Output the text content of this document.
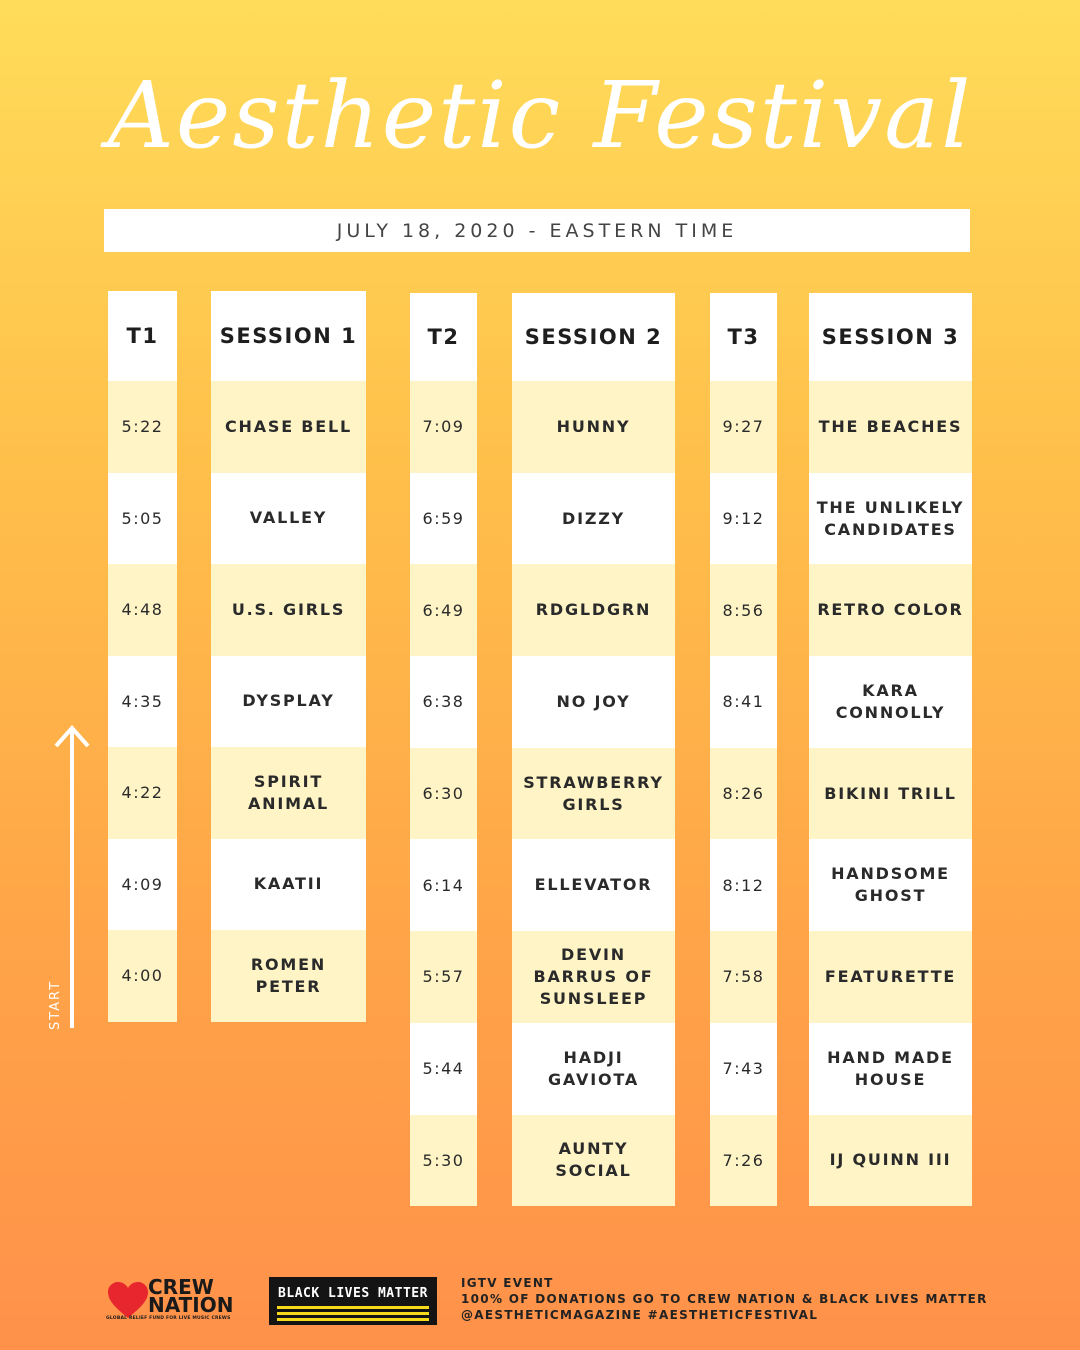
Aesthetic Festival
JULY 18, 2020 - EASTERN TIME
T1
5:22
5:05
4:48
4:35
4:22
4:09
4:00
SESSION 1
CHASE BELL
VALLEY
U.S. GIRLS
DYSPLAY
SPIRIT ANIMAL
KAATII
ROMEN PETER
T2
7:09
6:59
6:49
6:38
6:30
6:14
5:57
5:44
5:30
SESSION 2
HUNNY
DIZZY
RDGLDGRN
NO JOY
STRAWBERRY GIRLS
ELLEVATOR
DEVIN BARRUS OF SUNSLEEP
HADJI GAVIOTA
AUNTY SOCIAL
T3
9:27
9:12
8:56
8:41
8:26
8:12
7:58
7:43
7:26
SESSION 3
THE BEACHES
THE UNLIKELY CANDIDATES
RETRO COLOR
KARA CONNOLLY
BIKINI TRILL
HANDSOME GHOST
FEATURETTE
HAND MADE HOUSE
IJ QUINN III
START
CREW
NATION
GLOBAL RELIEF FUND FOR LIVE MUSIC CREWS
BLACK LIVES MATTER
IGTV EVENT
100% OF DONATIONS GO TO CREW NATION & BLACK LIVES MATTER
@AESTHETICMAGAZINE #AESTHETICFESTIVAL
